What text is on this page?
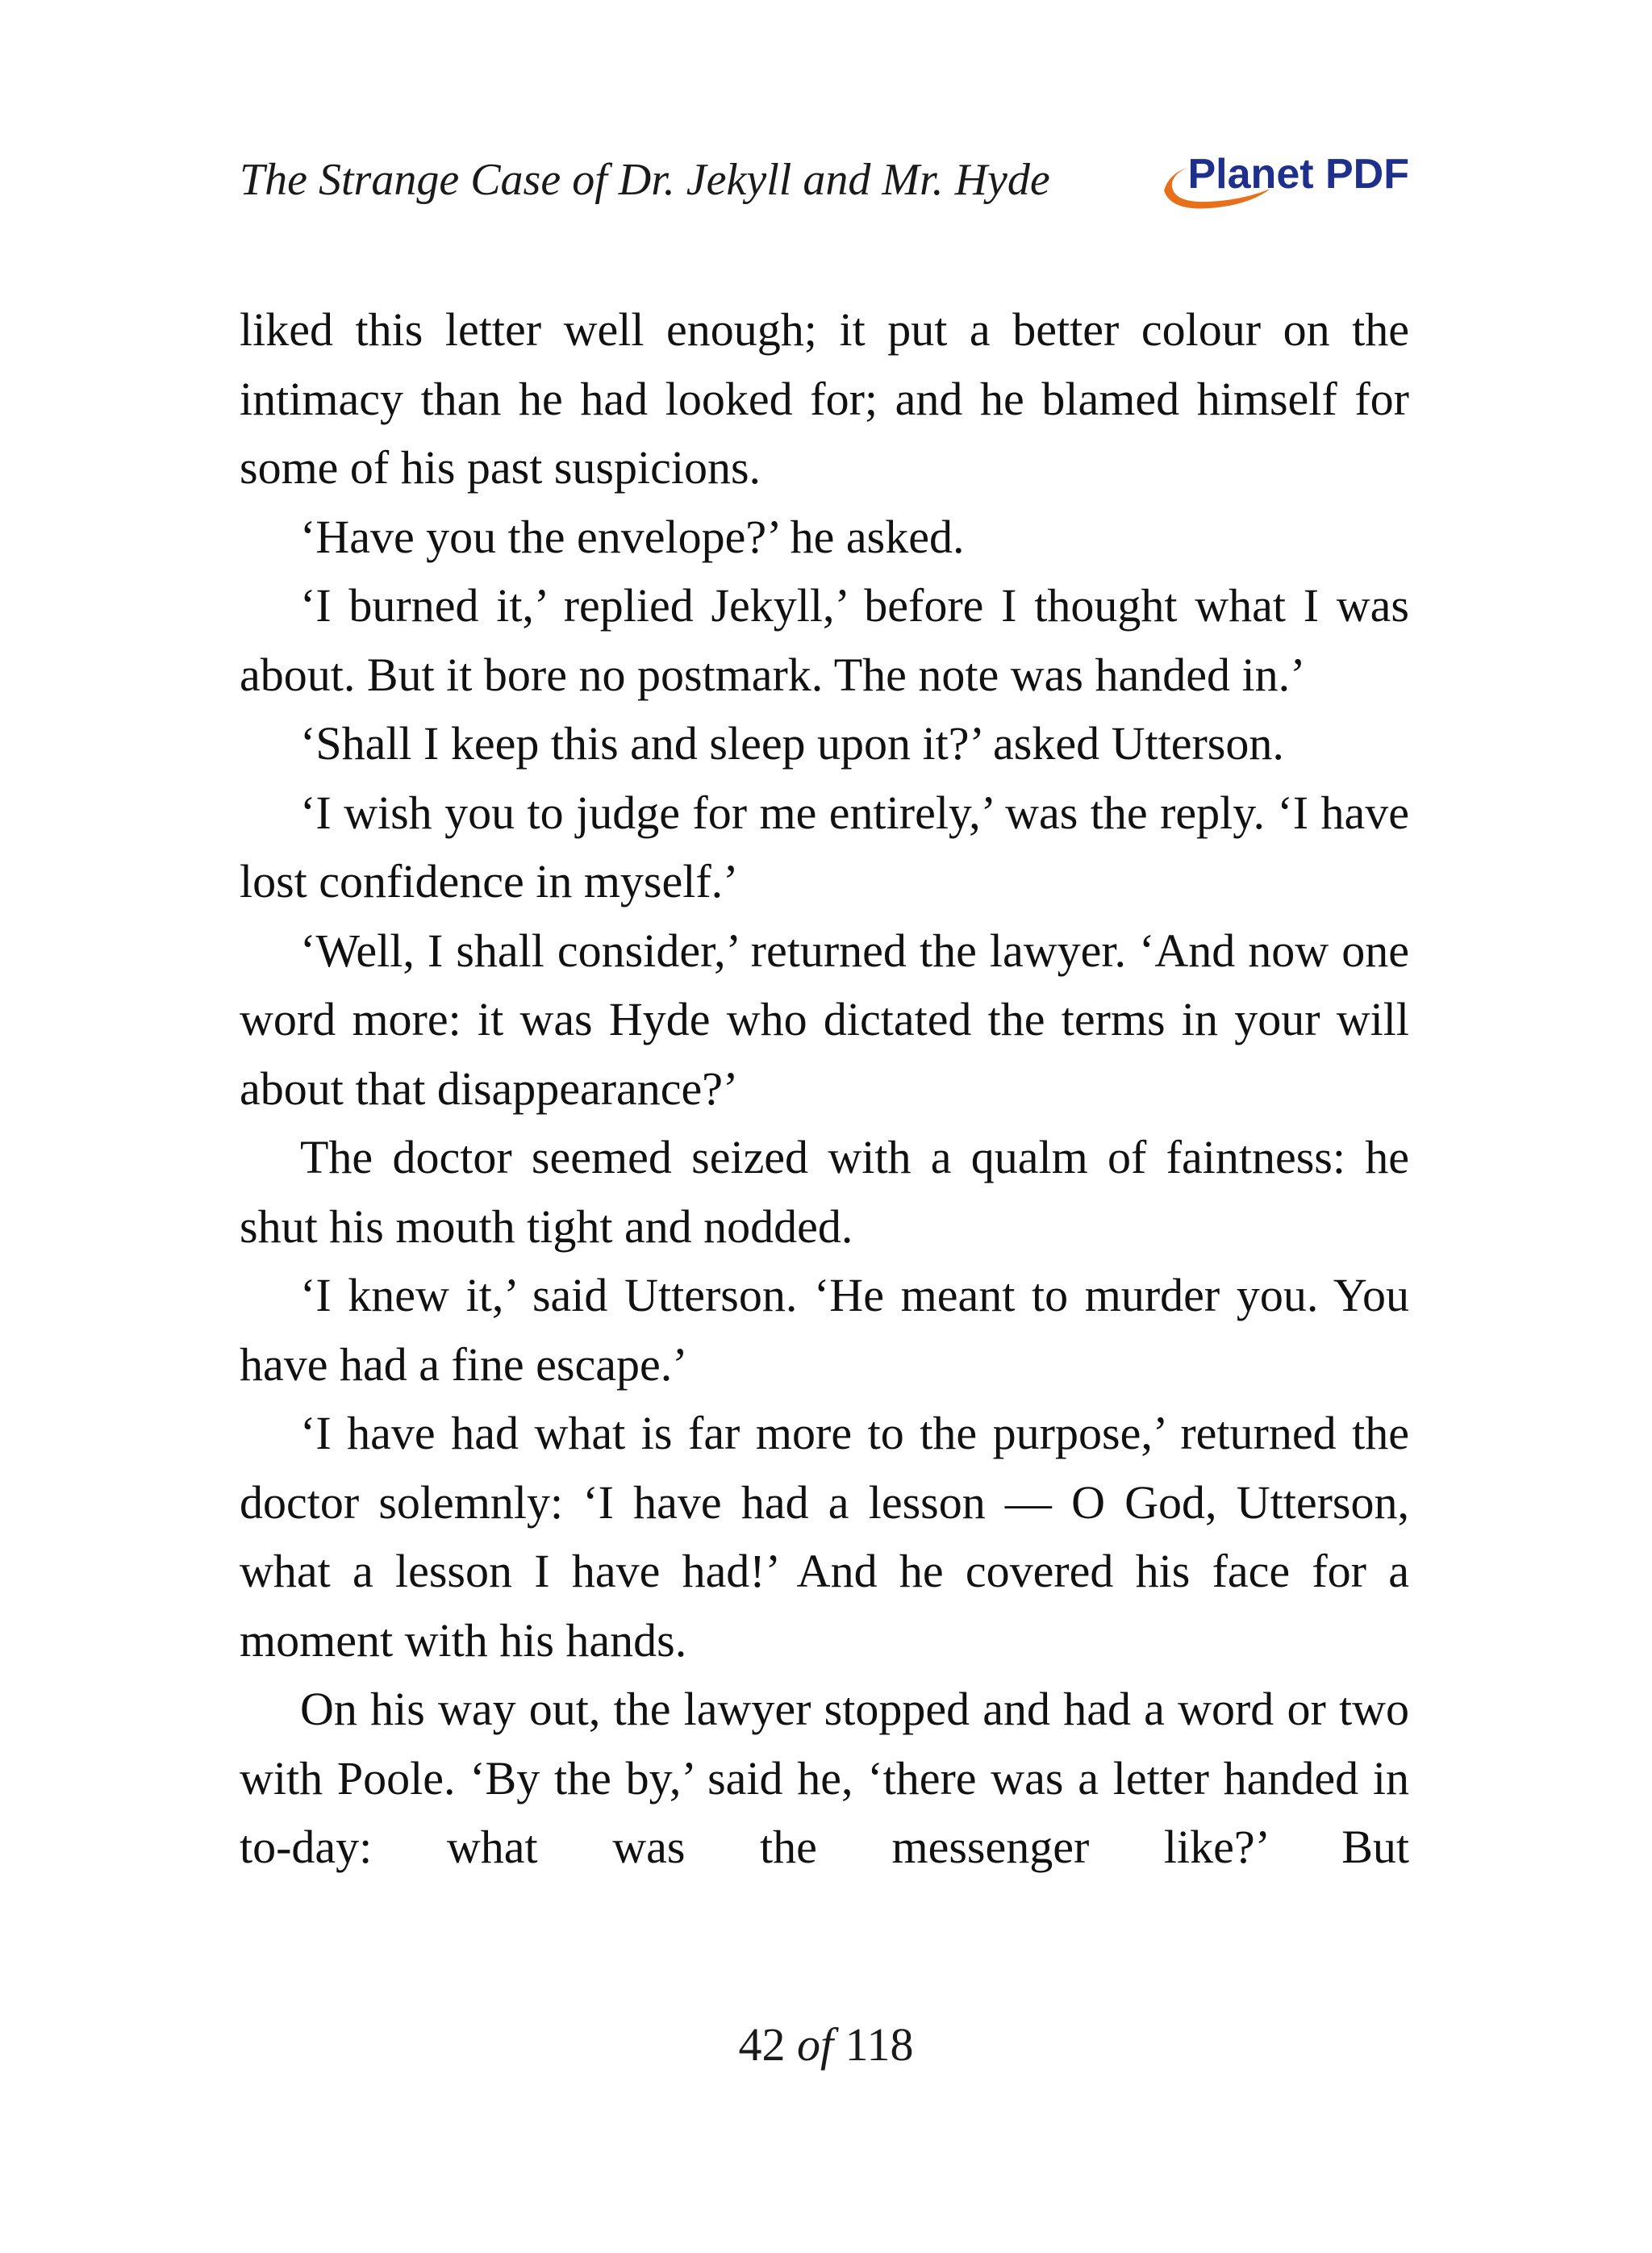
The Strange Case of Dr. Jekyll and Mr. Hyde	Planet PDF

liked this letter well enough; it put a better colour on the intimacy than he had looked for; and he blamed himself for some of his past suspicions.

‘Have you the envelope?’ he asked.

‘I burned it,’ replied Jekyll,’ before I thought what I was about. But it bore no postmark. The note was handed in.’

‘Shall I keep this and sleep upon it?’ asked Utterson.

‘I wish you to judge for me entirely,’ was the reply. ‘I have lost confidence in myself.’

‘Well, I shall consider,’ returned the lawyer. ‘And now one word more: it was Hyde who dictated the terms in your will about that disappearance?’

The doctor seemed seized with a qualm of faintness: he shut his mouth tight and nodded.

‘I knew it,’ said Utterson. ‘He meant to murder you. You have had a fine escape.’

‘I have had what is far more to the purpose,’ returned the doctor solemnly: ‘I have had a lesson — O God, Utterson, what a lesson I have had!’ And he covered his face for a moment with his hands.

On his way out, the lawyer stopped and had a word or two with Poole. ‘By the by,’ said he, ‘there was a letter handed in to-day: what was the messenger like?’ But

42 of 118
